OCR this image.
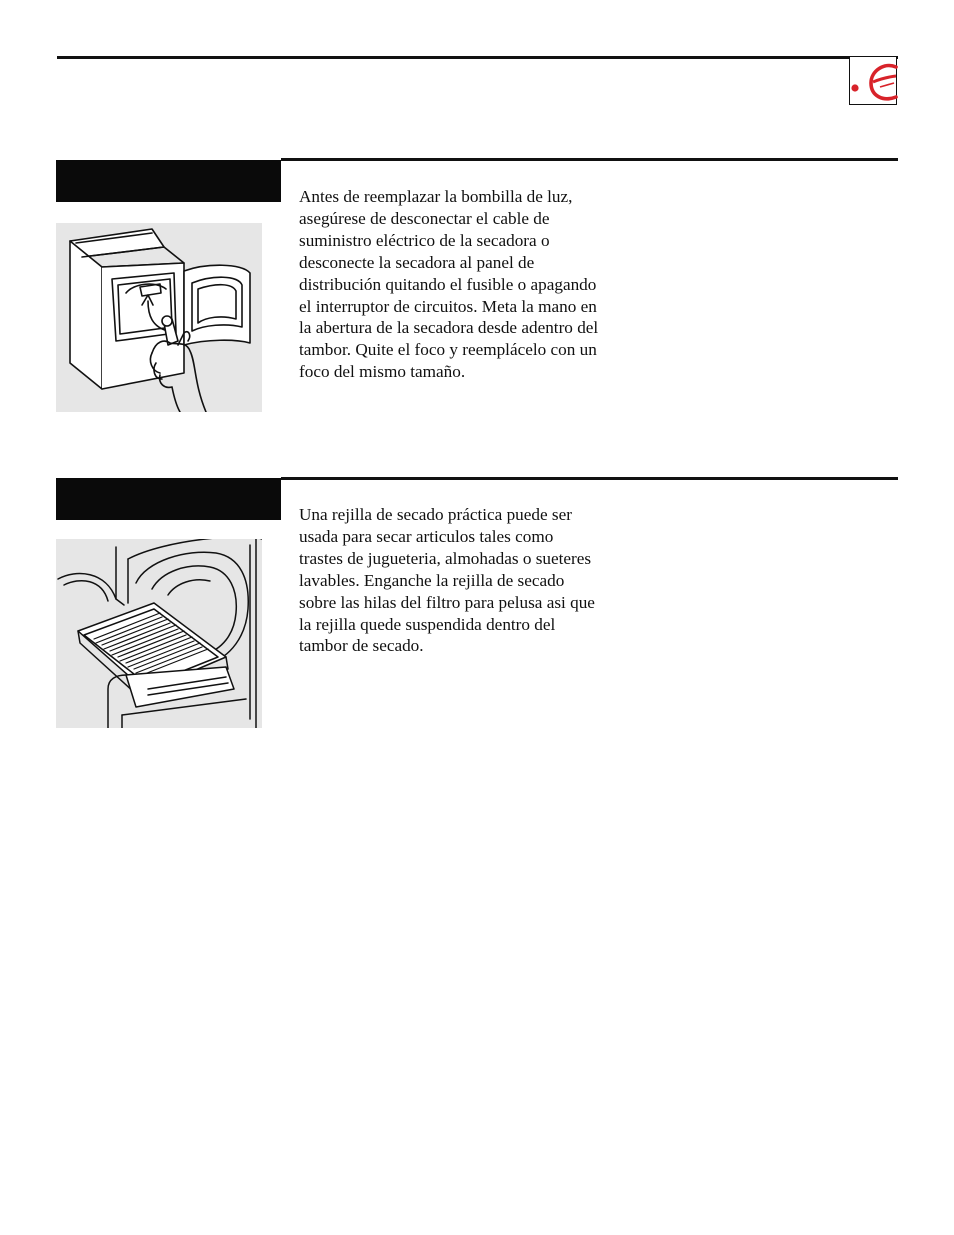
Antes de reemplazar la bombilla de luz, asegúrese de desconectar el cable de suministro eléctrico de la secadora o desconecte la secadora al panel de distribución quitando el fusible o apagando el interruptor de circuitos. Meta la mano en la abertura de la secadora desde adentro del tambor. Quite el foco y reemplácelo con un foco del mismo tamaño.

Una rejilla de secado práctica puede ser usada para secar articulos tales como trastes de jugueteria, almohadas o sueteres lavables. Enganche la rejilla de secado sobre las hilas del filtro para pelusa asi que la rejilla quede suspendida dentro del tambor de secado.
